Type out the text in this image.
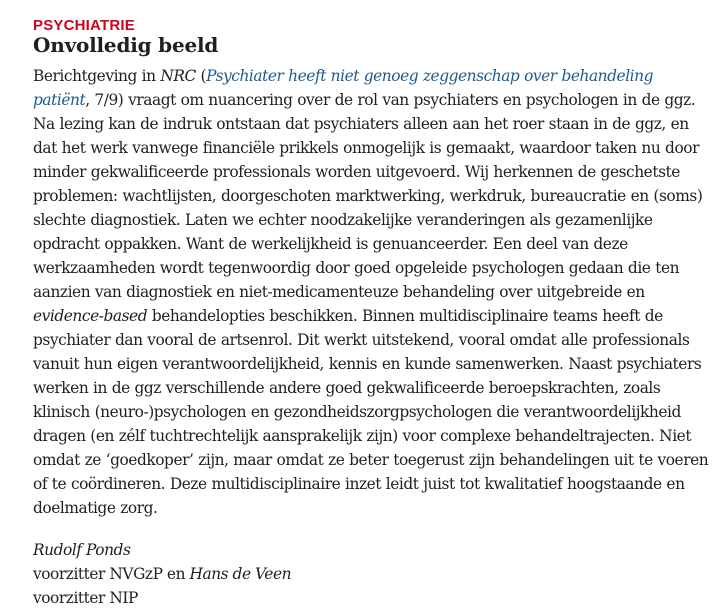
PSYCHIATRIE
Onvolledig beeld

Berichtgeving in NRC (Psychiater heeft niet genoeg zeggenschap over behandeling patiënt, 7/9) vraagt om nuancering over de rol van psychiaters en psychologen in de ggz. Na lezing kan de indruk ontstaan dat psychiaters alleen aan het roer staan in de ggz, en dat het werk vanwege financiële prikkels onmogelijk is gemaakt, waardoor taken nu door minder gekwalificeerde professionals worden uitgevoerd. Wij herkennen de geschetste problemen: wachtlijsten, doorgeschoten marktwerking, werkdruk, bureaucratie en (soms) slechte diagnostiek. Laten we echter noodzakelijke veranderingen als gezamenlijke opdracht oppakken. Want de werkelijkheid is genuanceerder. Een deel van deze werkzaamheden wordt tegenwoordig door goed opgeleide psychologen gedaan die ten aanzien van diagnostiek en niet-medicamenteuze behandeling over uitgebreide en evidence-based behandelopties beschikken. Binnen multidisciplinaire teams heeft de psychiater dan vooral de artsenrol. Dit werkt uitstekend, vooral omdat alle professionals vanuit hun eigen verantwoordelijkheid, kennis en kunde samenwerken. Naast psychiaters werken in de ggz verschillende andere goed gekwalificeerde beroepskrachten, zoals klinisch (neuro-)psychologen en gezondheidszorgpsychologen die verantwoordelijkheid dragen (en zélf tuchtrechtelijk aansprakelijk zijn) voor complexe behandeltrajecten. Niet omdat ze ‘goedkoper’ zijn, maar omdat ze beter toegerust zijn behandelingen uit te voeren of te coördineren. Deze multidisciplinaire inzet leidt juist tot kwalitatief hoogstaande en doelmatige zorg.

Rudolf Ponds

voorzitter NVGzP en Hans de Veen

voorzitter NIP
